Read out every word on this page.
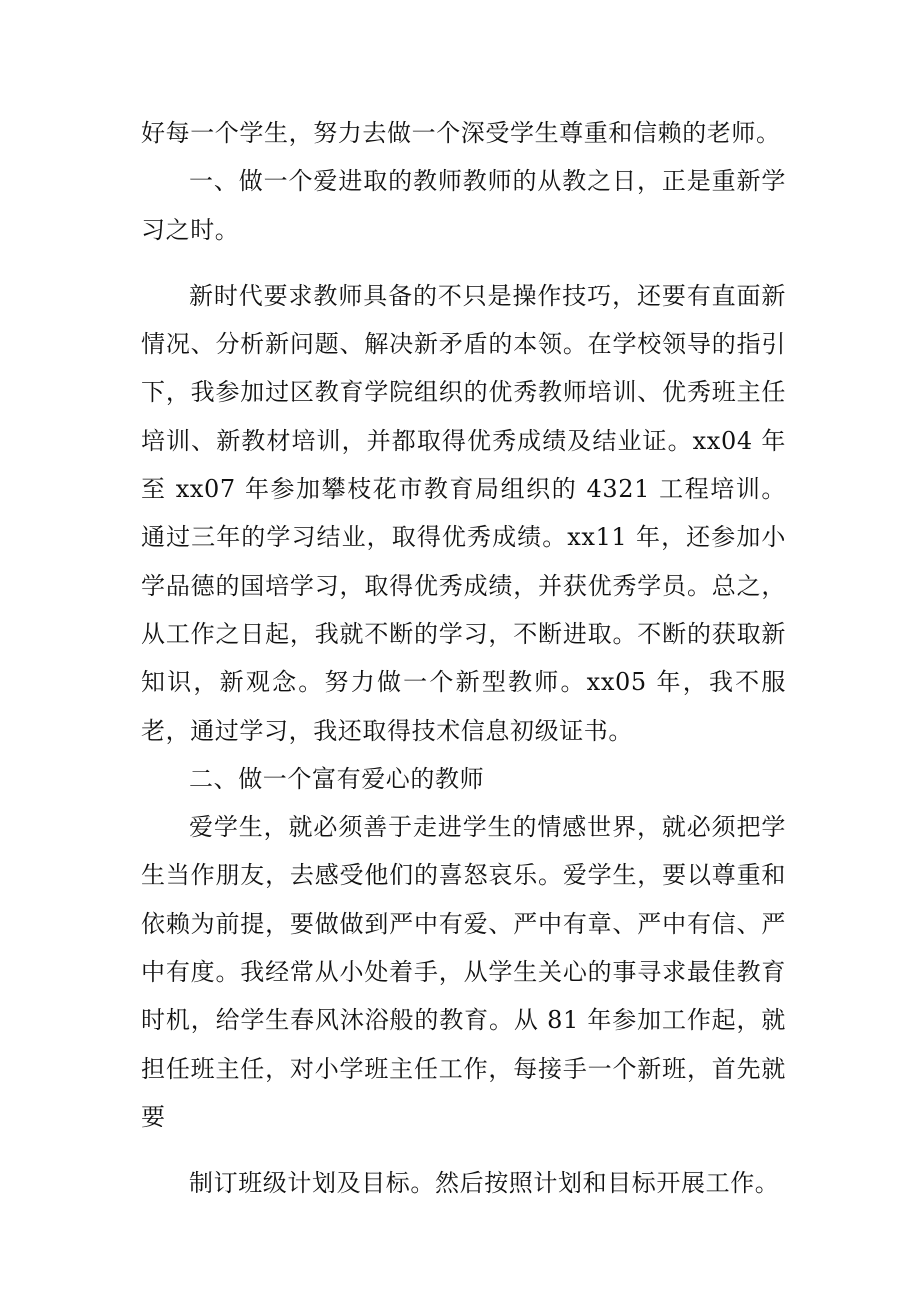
好每一个学生，努力去做一个深受学生尊重和信赖的老师。

一、做一个爱进取的教师教师的从教之日，正是重新学习之时。

新时代要求教师具备的不只是操作技巧，还要有直面新情况、分析新问题、解决新矛盾的本领。在学校领导的指引下，我参加过区教育学院组织的优秀教师培训、优秀班主任培训、新教材培训，并都取得优秀成绩及结业证。xx04 年至 xx07 年参加攀枝花市教育局组织的 4321 工程培训。通过三年的学习结业，取得优秀成绩。xx11 年，还参加小学品德的国培学习，取得优秀成绩，并获优秀学员。总之，从工作之日起，我就不断的学习，不断进取。不断的获取新知识，新观念。努力做一个新型教师。xx05 年，我不服老，通过学习，我还取得技术信息初级证书。

二、做一个富有爱心的教师

爱学生，就必须善于走进学生的情感世界，就必须把学生当作朋友，去感受他们的喜怒哀乐。爱学生，要以尊重和依赖为前提，要做做到严中有爱、严中有章、严中有信、严中有度。我经常从小处着手，从学生关心的事寻求最佳教育时机，给学生春风沐浴般的教育。从 81 年参加工作起，就担任班主任，对小学班主任工作，每接手一个新班，首先就要

制订班级计划及目标。然后按照计划和目标开展工作。
